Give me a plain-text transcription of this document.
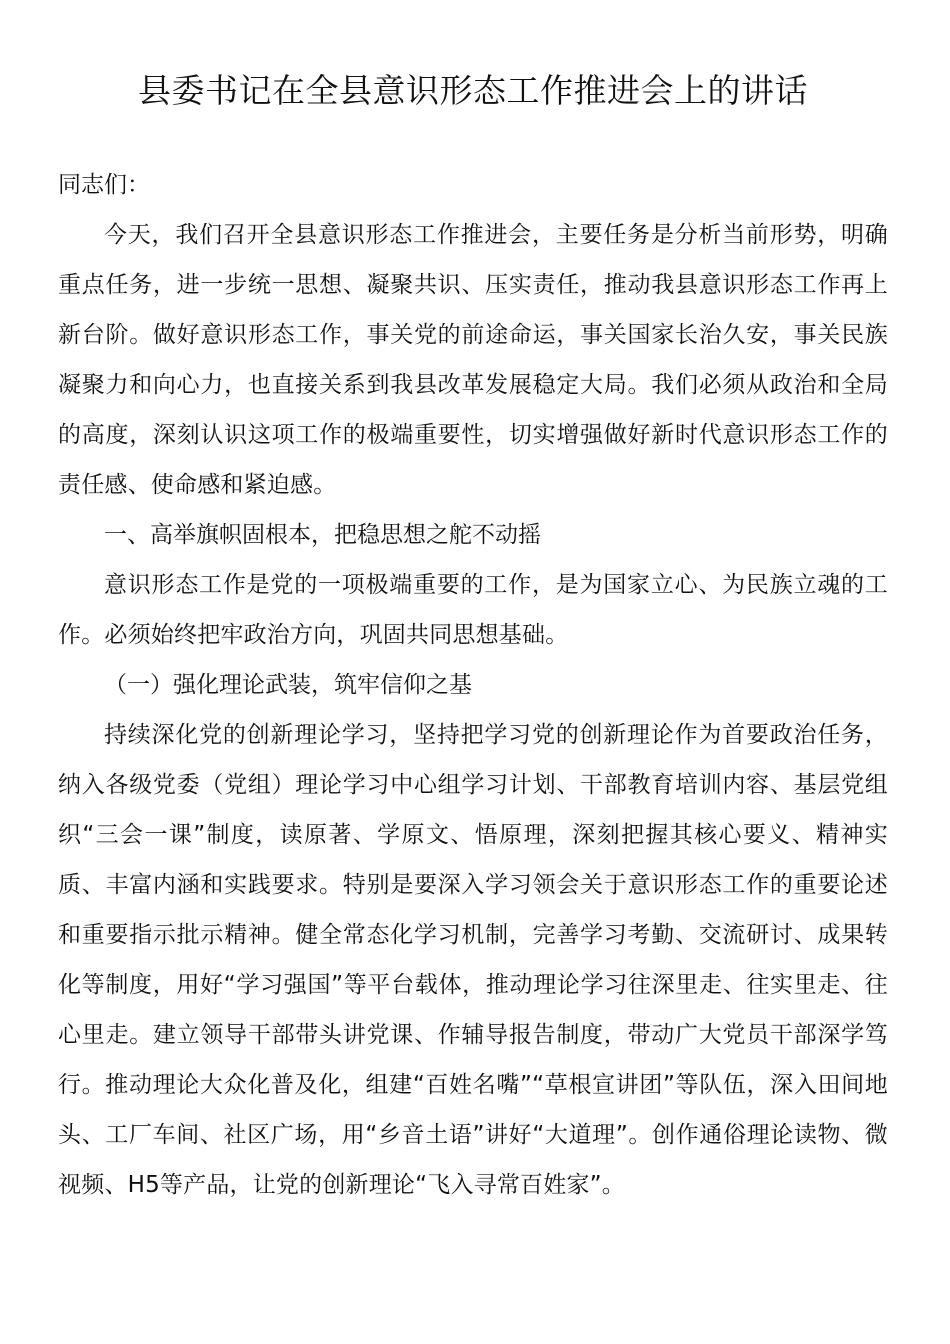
县委书记在全县意识形态工作推进会上的讲话

同志们：

今天，我们召开全县意识形态工作推进会，主要任务是分析当前形势，明确重点任务，进一步统一思想、凝聚共识、压实责任，推动我县意识形态工作再上新台阶。做好意识形态工作，事关党的前途命运，事关国家长治久安，事关民族凝聚力和向心力，也直接关系到我县改革发展稳定大局。我们必须从政治和全局的高度，深刻认识这项工作的极端重要性，切实增强做好新时代意识形态工作的责任感、使命感和紧迫感。

一、高举旗帜固根本，把稳思想之舵不动摇

意识形态工作是党的一项极端重要的工作，是为国家立心、为民族立魂的工作。必须始终把牢政治方向，巩固共同思想基础。

（一）强化理论武装，筑牢信仰之基

持续深化党的创新理论学习，坚持把学习党的创新理论作为首要政治任务，纳入各级党委（党组）理论学习中心组学习计划、干部教育培训内容、基层党组织“三会一课”制度，读原著、学原文、悟原理，深刻把握其核心要义、精神实质、丰富内涵和实践要求。特别是要深入学习领会关于意识形态工作的重要论述和重要指示批示精神。健全常态化学习机制，完善学习考勤、交流研讨、成果转化等制度，用好“学习强国”等平台载体，推动理论学习往深里走、往实里走、往心里走。建立领导干部带头讲党课、作辅导报告制度，带动广大党员干部深学笃行。推动理论大众化普及化，组建“百姓名嘴”“草根宣讲团”等队伍，深入田间地头、工厂车间、社区广场，用“乡音土语”讲好“大道理”。创作通俗理论读物、微视频、H5等产品，让党的创新理论“飞入寻常百姓家”。
